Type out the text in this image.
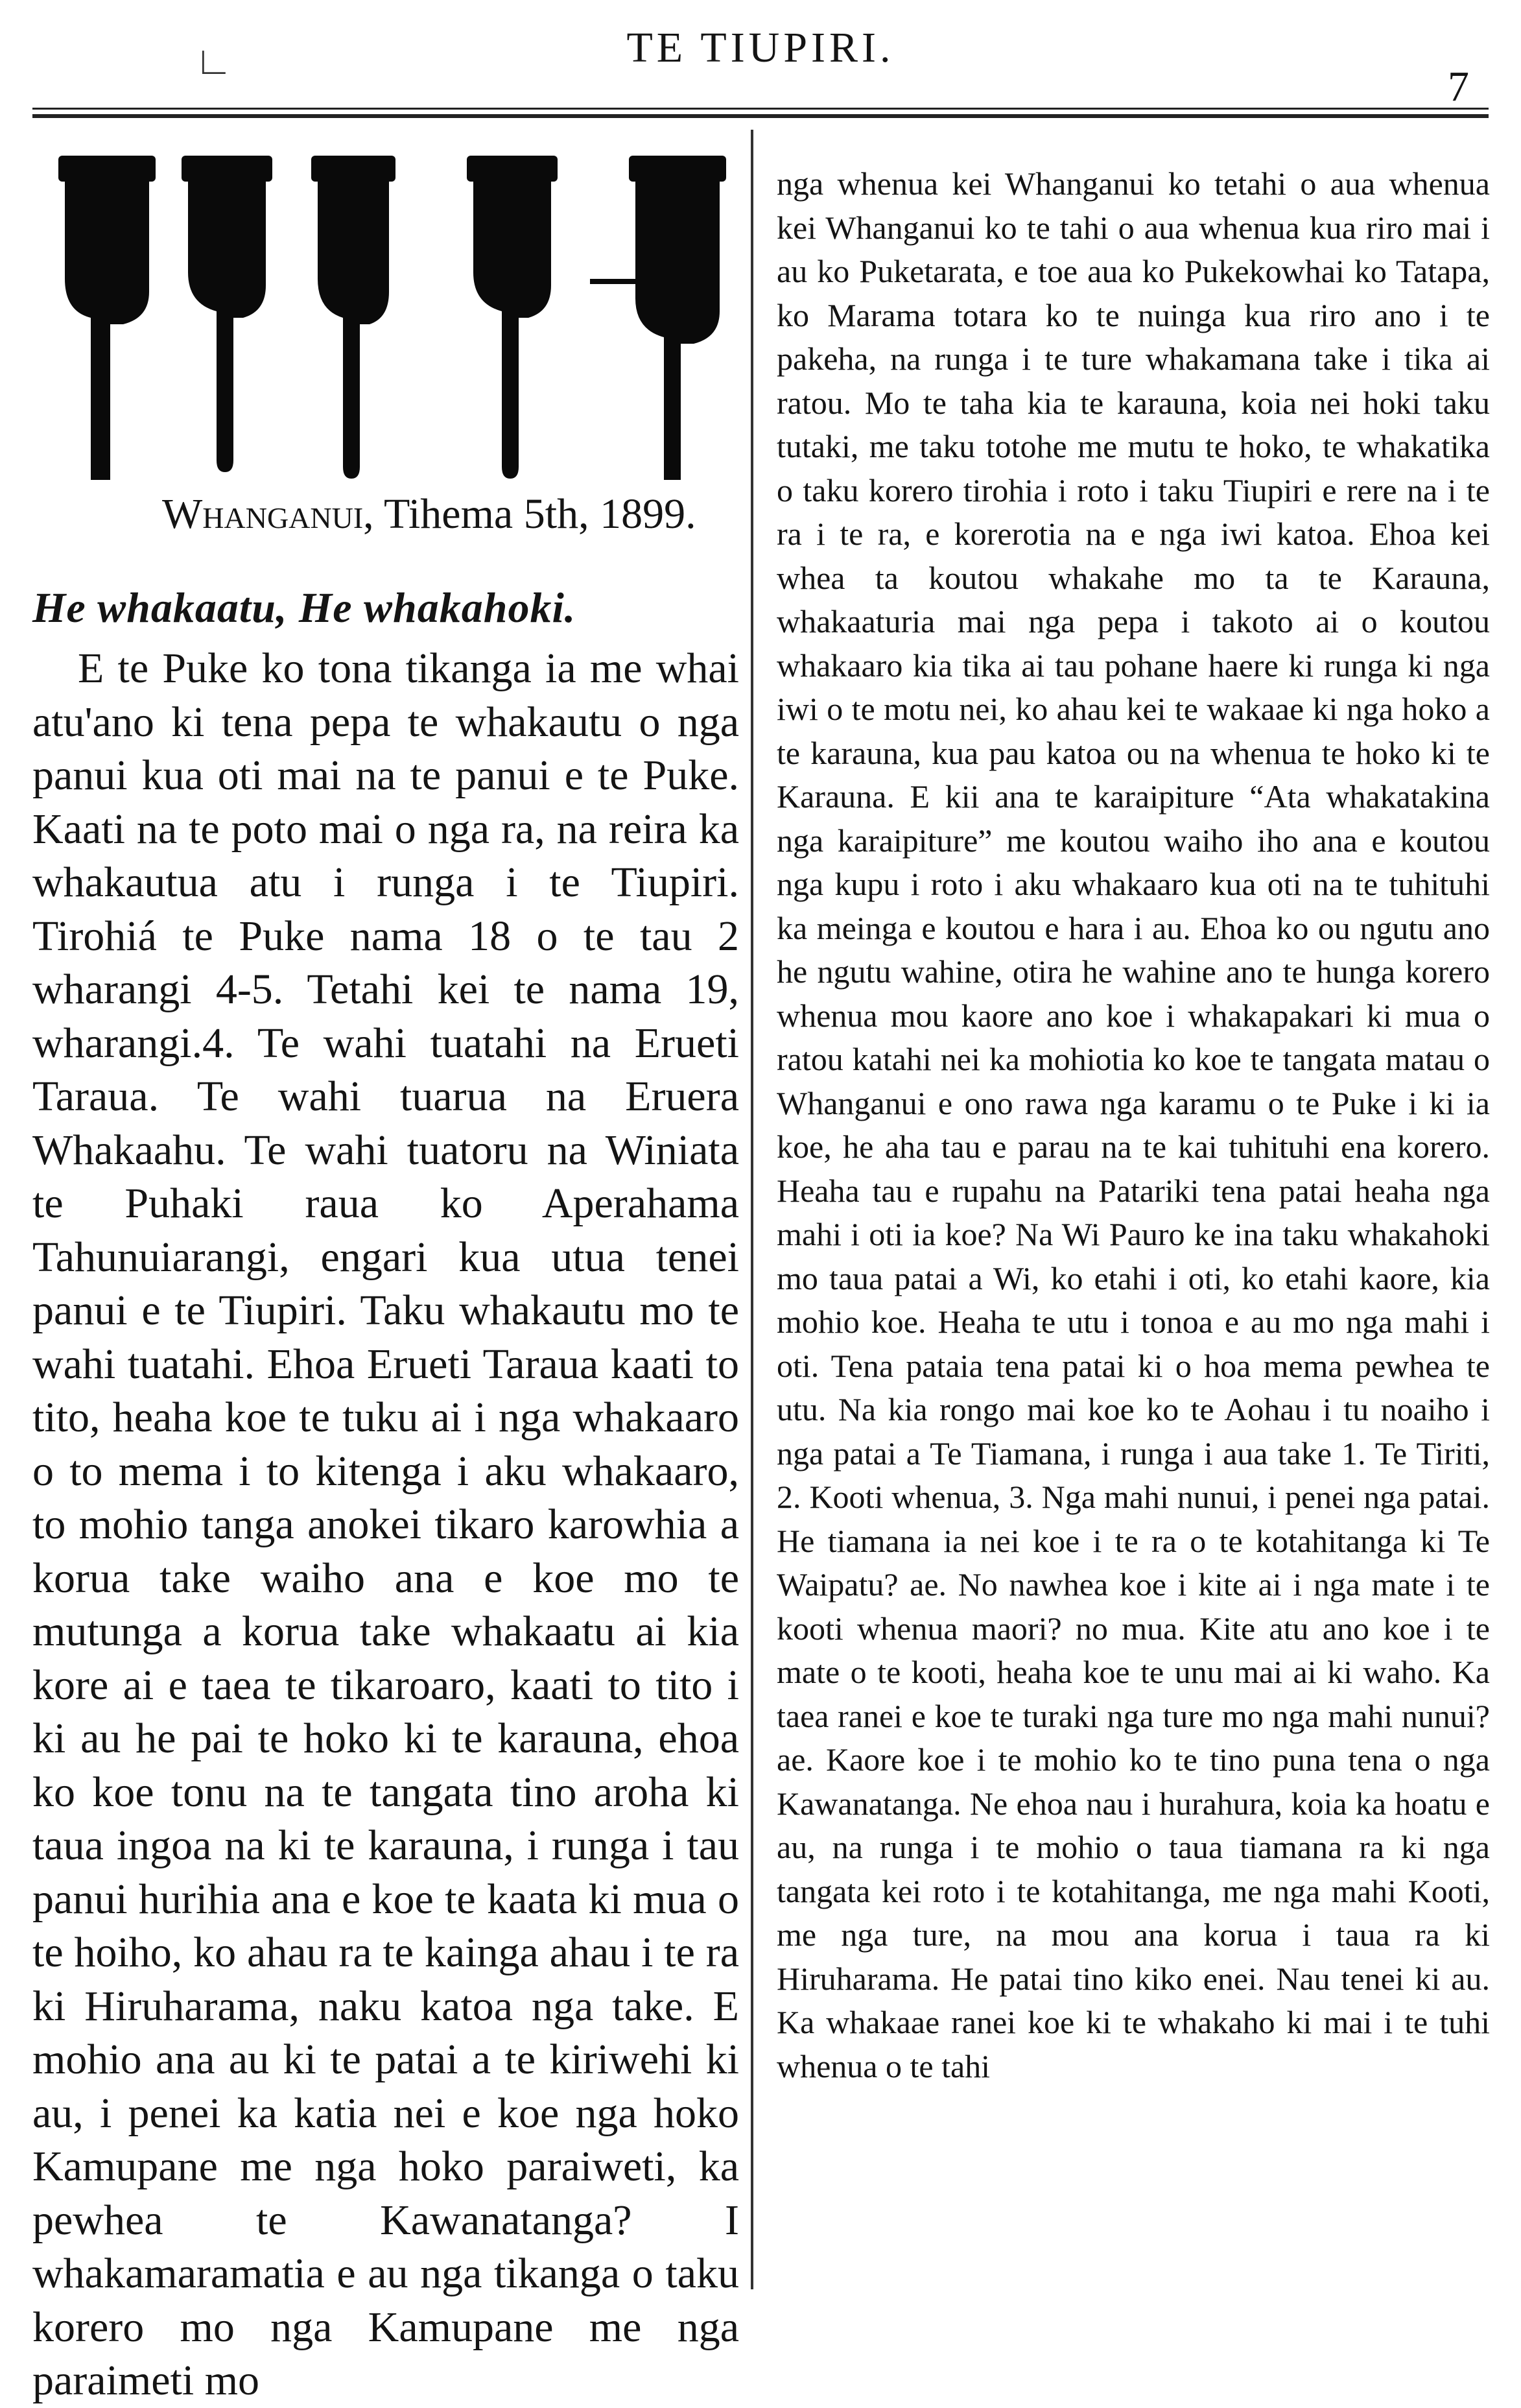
∟	TE TIUPIRI.
7
Whanganui, Tihema 5th, 1899.
He whakaatu, He whakahoki.

E te Puke ko tona tikanga ia me whai atu'ano ki tena pepa te whakautu o nga panui kua oti mai na te panui e te Puke. Kaati na te poto mai o nga ra, na reira ka whakautua atu i runga i te Tiupiri. Tirohiá te Puke nama 18 o te tau 2 wharangi 4-5. Tetahi kei te nama 19, wharangi.4. Te wahi tuatahi na Erueti Taraua. Te wahi tuarua na Eruera Whakaahu. Te wahi tuatoru na Winiata te Puhaki raua ko Aperahama Tahunuiarangi, engari kua utua tenei panui e te Tiupiri. Taku whakautu mo te wahi tuatahi. Ehoa Erueti Taraua kaati to tito, heaha koe te tuku ai i nga whakaaro o to mema i to kitenga i aku whakaaro, to mohio tanga anokei tikaro karowhia a korua take waiho ana e koe mo te mutunga a korua take whakaatu ai kia kore ai e taea te tikaroaro, kaati to tito i ki au he pai te hoko ki te karauna, ehoa ko koe tonu na te tangata tino aroha ki taua ingoa na ki te karauna, i runga i tau panui hurihia ana e koe te kaata ki mua o te hoiho, ko ahau ra te kainga ahau i te ra ki Hiruharama, naku katoa nga take. E mohio ana au ki te patai a te kiriwehi ki au, i penei ka katia nei e koe nga hoko Kamupane me nga hoko paraiweti, ka pewhea te Kawanatanga? I whakamaramatia e au nga tikanga o taku korero mo nga Kamupane me nga paraimeti mo

nga whenua kei Whanganui ko tetahi o aua whenua kei Whanganui ko te tahi o aua whenua kua riro mai i au ko Puketarata, e toe aua ko Pukekowhai ko Tatapa, ko Marama totara ko te nuinga kua riro ano i te pakeha, na runga i te ture whakamana take i tika ai ratou. Mo te taha kia te karauna, koia nei hoki taku tutaki, me taku totohe me mutu te hoko, te whakatika o taku korero tirohia i roto i taku Tiupiri e rere na i te ra i te ra, e korerotia na e nga iwi katoa. Ehoa kei whea ta koutou whakahe mo ta te Karauna, whakaaturia mai nga pepa i takoto ai o koutou whakaaro kia tika ai tau pohane haere ki runga ki nga iwi o te motu nei, ko ahau kei te wakaae ki nga hoko a te karauna, kua pau katoa ou na whenua te hoko ki te Karauna. E kii ana te karaipiture “Ata whakatakina nga karaipiture” me koutou waiho iho ana e koutou nga kupu i roto i aku whakaaro kua oti na te tuhituhi ka meinga e koutou e hara i au. Ehoa ko ou ngutu ano he ngutu wahine, otira he wahine ano te hunga korero whenua mou kaore ano koe i whakapakari ki mua o ratou katahi nei ka mohiotia ko koe te tangata matau o Whanganui e ono rawa nga karamu o te Puke i ki ia koe, he aha tau e parau na te kai tuhituhi ena korero. Heaha tau e rupahu na Patariki tena patai heaha nga mahi i oti ia koe? Na Wi Pauro ke ina taku whakahoki mo taua patai a Wi, ko etahi i oti, ko etahi kaore, kia mohio koe. Heaha te utu i tonoa e au mo nga mahi i oti. Tena pataia tena patai ki o hoa mema pewhea te utu. Na kia rongo mai koe ko te Aohau i tu noaiho i nga patai a Te Tiamana, i runga i aua take 1. Te Tiriti, 2. Kooti whenua, 3. Nga mahi nunui, i penei nga patai. He tiamana ia nei koe i te ra o te kotahitanga ki Te Waipatu? ae. No nawhea koe i kite ai i nga mate i te kooti whenua maori? no mua. Kite atu ano koe i te mate o te kooti, heaha koe te unu mai ai ki waho. Ka taea ranei e koe te turaki nga ture mo nga mahi nunui? ae. Kaore koe i te mohio ko te tino puna tena o nga Kawanatanga. Ne ehoa nau i hurahura, koia ka hoatu e au, na runga i te mohio o taua tiamana ra ki nga tangata kei roto i te kotahitanga, me nga mahi Kooti, me nga ture, na mou ana korua i taua ra ki Hiruharama. He patai tino kiko enei. Nau tenei ki au. Ka whakaae ranei koe ki te whakaho ki mai i te tuhi whenua o te tahi
